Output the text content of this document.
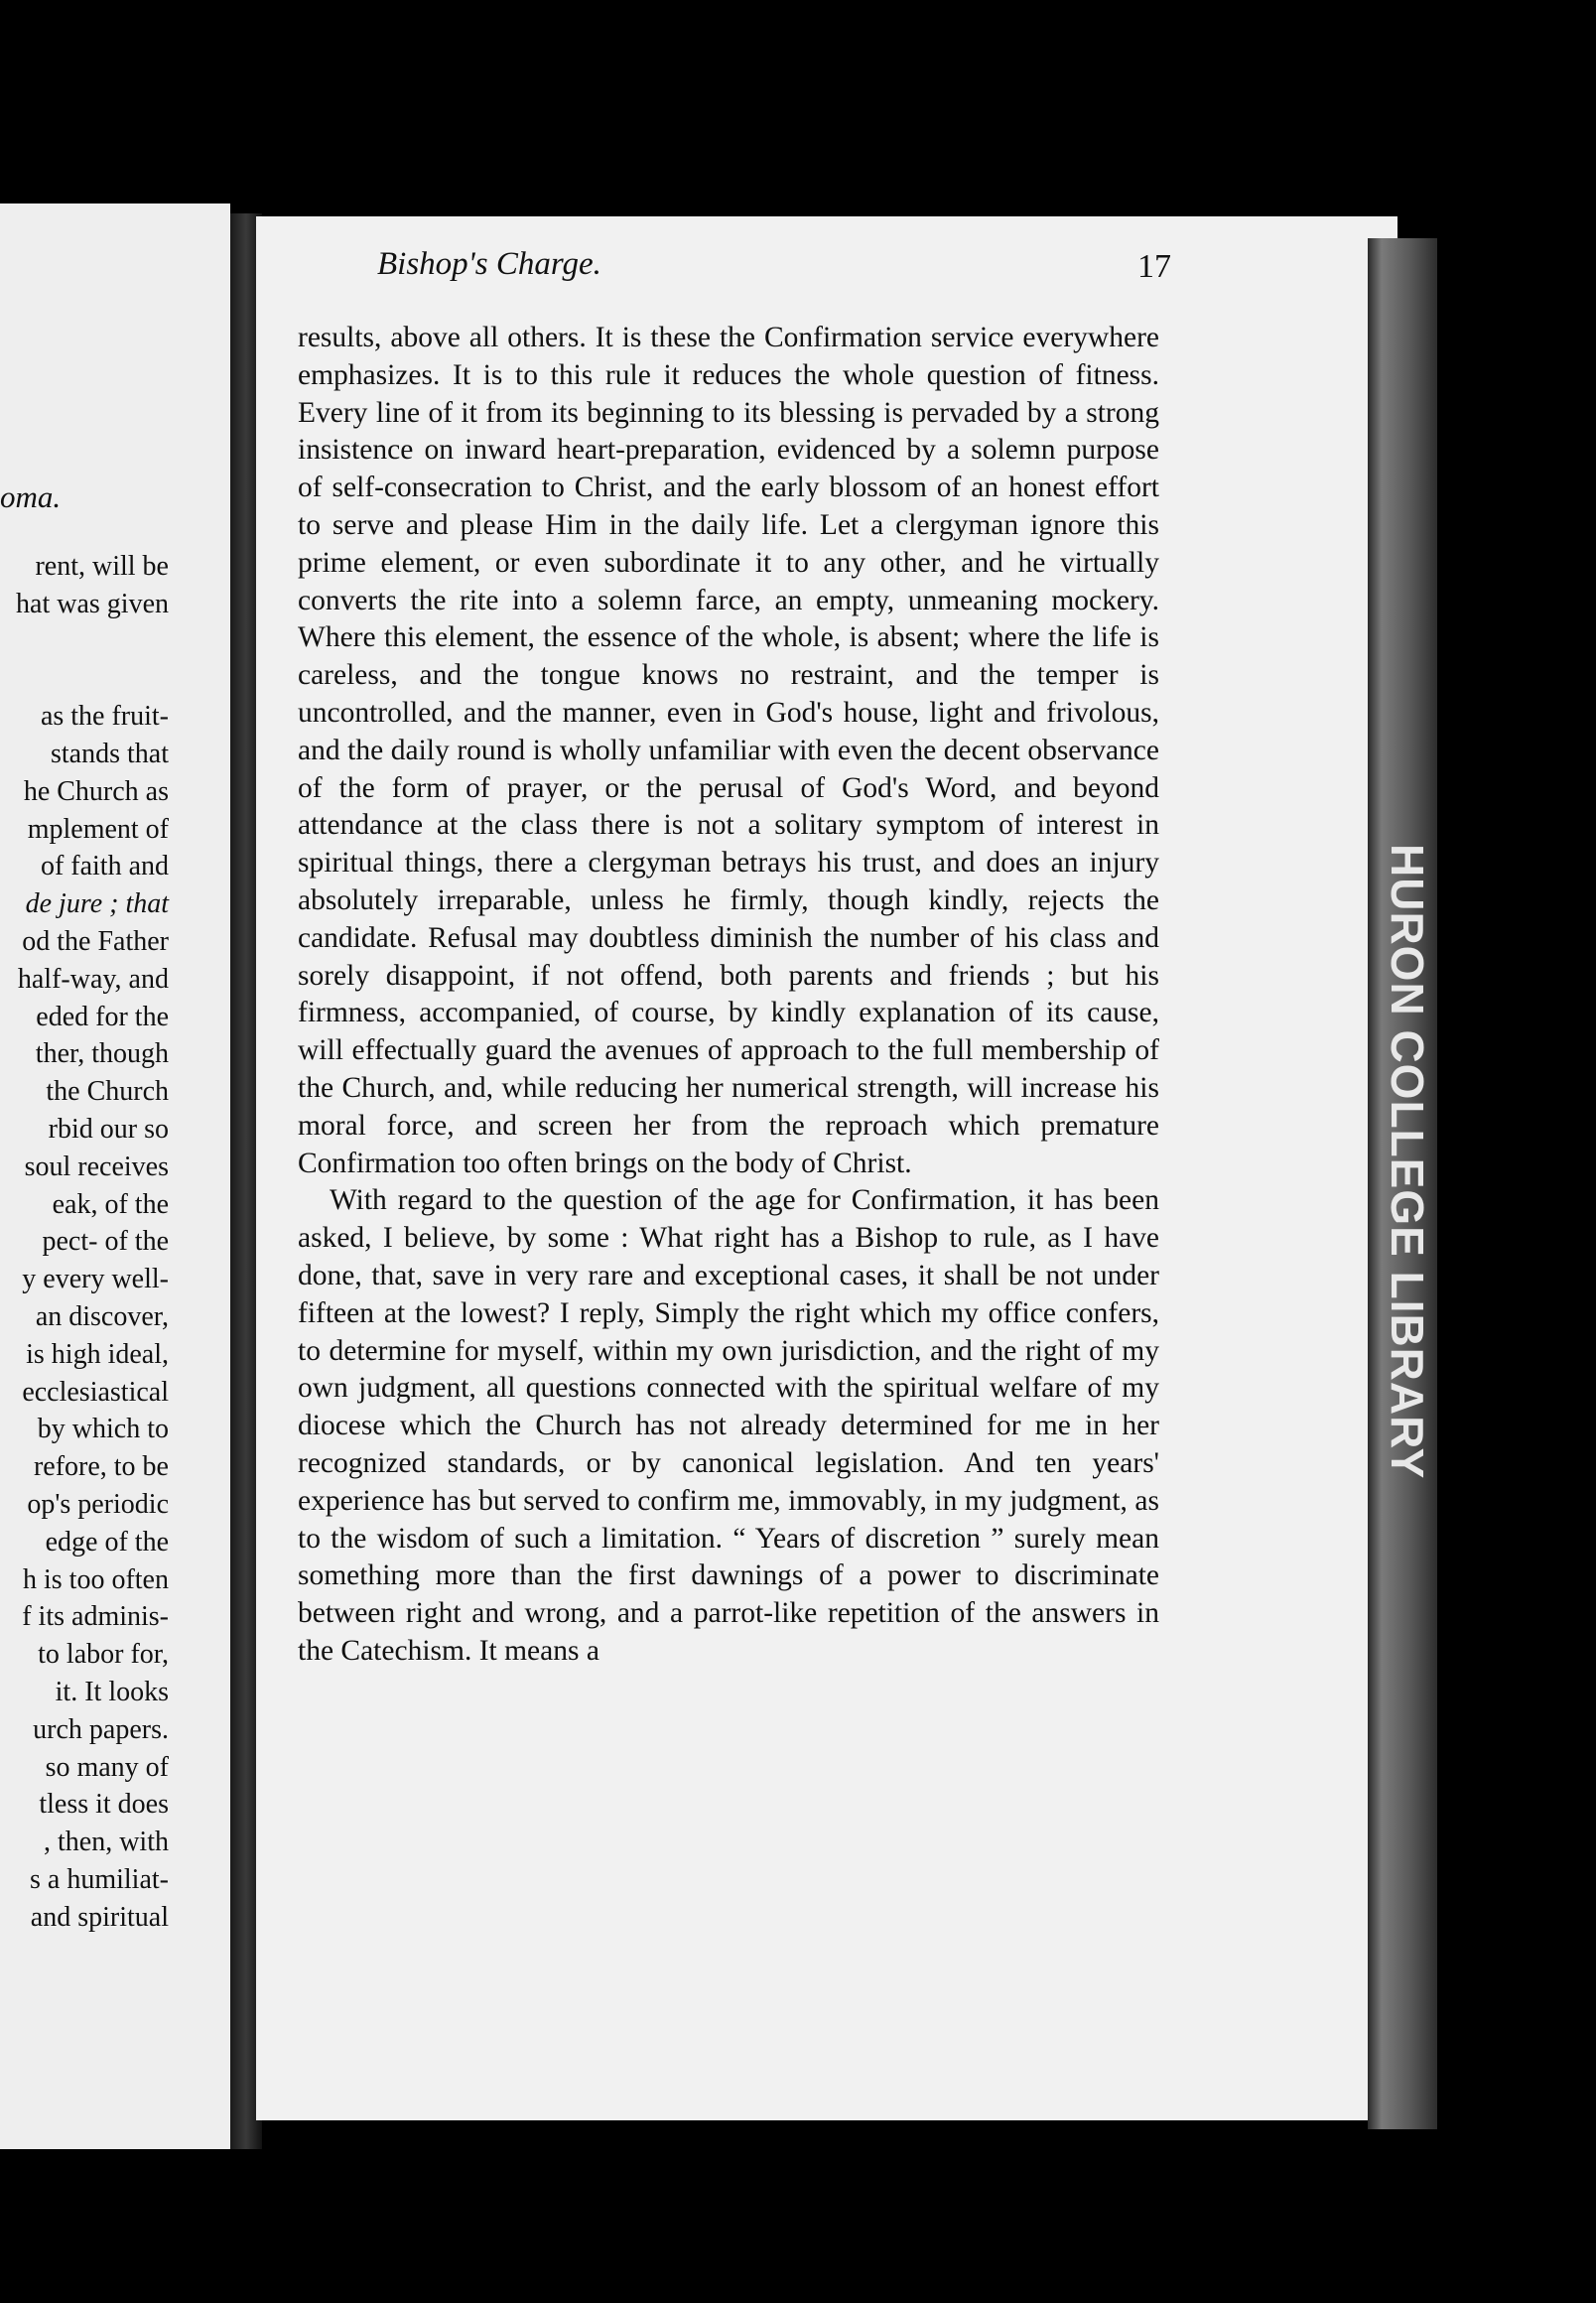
oma.
rent, will be
hat was given
as the fruit-
stands that
he Church as
mplement of
of faith and
de jure ; that
od the Father
half-way, and
eded for the
ther, though
the Church
rbid our so
soul receives
eak, of the
pect- of the
y every well-
an discover,
is high ideal,
ecclesiastical
by which to
refore, to be
op's periodic
edge of the
h is too often
f its adminis-
to labor for,
it. It looks
urch papers.
so many of
tless it does
, then, with
s a humiliat-
and spiritual
Bishop's Charge.	17

results, above all others. It is these the Confirmation service everywhere emphasizes. It is to this rule it reduces the whole question of fitness. Every line of it from its beginning to its blessing is pervaded by a strong insistence on inward heart-preparation, evidenced by a solemn purpose of self-consecration to Christ, and the early blossom of an honest effort to serve and please Him in the daily life. Let a clergyman ignore this prime element, or even subordinate it to any other, and he virtually converts the rite into a solemn farce, an empty, unmeaning mockery. Where this element, the essence of the whole, is absent; where the life is careless, and the tongue knows no restraint, and the temper is uncontrolled, and the manner, even in God's house, light and frivolous, and the daily round is wholly unfamiliar with even the decent observance of the form of prayer, or the perusal of God's Word, and beyond attendance at the class there is not a solitary symptom of interest in spiritual things, there a clergyman betrays his trust, and does an injury absolutely irreparable, unless he firmly, though kindly, rejects the candidate. Refusal may doubtless diminish the number of his class and sorely disappoint, if not offend, both parents and friends ; but his firmness, accompanied, of course, by kindly explanation of its cause, will effectually guard the avenues of approach to the full membership of the Church, and, while reducing her numerical strength, will increase his moral force, and screen her from the reproach which premature Confirmation too often brings on the body of Christ.

With regard to the question of the age for Confirmation, it has been asked, I believe, by some : What right has a Bishop to rule, as I have done, that, save in very rare and exceptional cases, it shall be not under fifteen at the lowest? I reply, Simply the right which my office confers, to determine for myself, within my own jurisdiction, and the right of my own judgment, all questions connected with the spiritual welfare of my diocese which the Church has not already determined for me in her recognized standards, or by canonical legislation. And ten years' experience has but served to confirm me, immovably, in my judgment, as to the wisdom of such a limitation. “ Years of discretion ” surely mean something more than the first dawnings of a power to discriminate between right and wrong, and a parrot-like repetition of the answers in the Catechism. It means a

HURON COLLEGE LIBRARY
